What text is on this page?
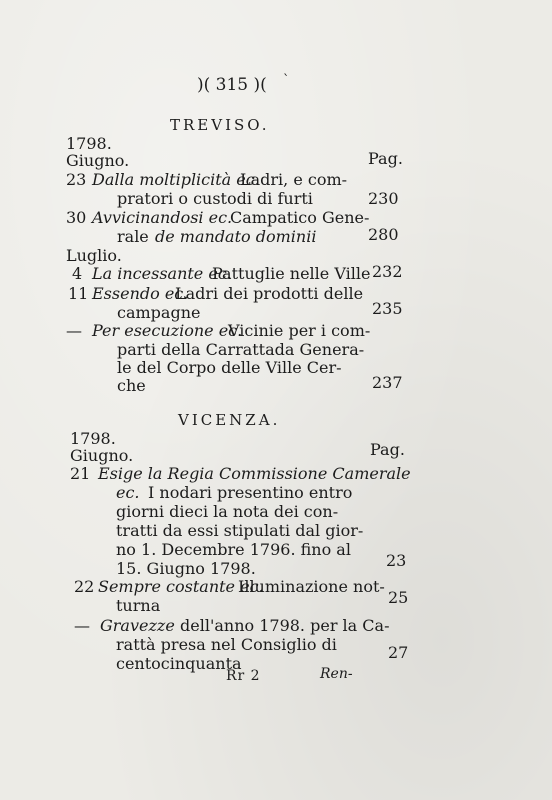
)( 315 )( `
TREVISO.
1798.
Giugno.	Pag.
23 Dalla moltiplicità ec.
Ladri, e com-
pratori o custodi di furti	230
30 Avvicinandosi ec.
Campatico Gene-
rale de mandato dominii	280
Luglio.
4 La incessante ec.
Pattuglie nelle Ville 232
11 Essendo ec.
Ladri dei prodotti delle
campagne	235
— Per esecuzione ec.
Vicinie per i com-
parti della Carrattada Genera-
le del Corpo delle Ville Cer-
che	237
VICENZA.
1798.
Giugno.	Pag.
21 Esige la Regia Commissione Camerale
ec. I nodari presentino entro
giorni dieci la nota dei con-
tratti da essi stipulati dal gior-
no 1. Decembre 1796. fino al
15. Giugno 1798.	23
22 Sempre costante ec.
Illuminazione not-
turna	25
— Gravezze dell'anno 1798. per la Ca-
rattà presa nel Consiglio di
centocinquanta
27
Rr 2	Ren-
